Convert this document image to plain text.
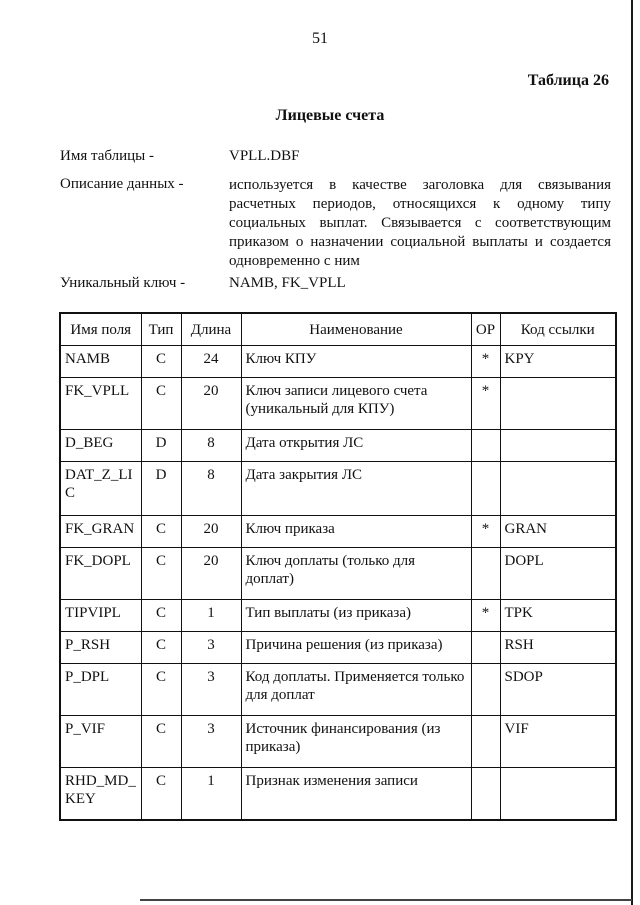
51
Таблица 26
Лицевые счета
Имя таблицы -	VPLL.DBF
Описание данных -	используется в качестве заголовка для связывания расчетных периодов, относящихся к одному типу социальных выплат. Связывается с соответствующим приказом о назначении социальной выплаты и создается одновременно с ним
Уникальный ключ -	NAMB, FK_VPLL
Имя поля	Тип	Длина	Наименование	ОР	Код ссылки
NAMB	C	24	Ключ КПУ	*	KPY
FK_VPLL	C	20	Ключ записи лицевого счета (уникальный для КПУ)	*	
D_BEG	D	8	Дата открытия ЛС		
DAT_Z_LIC	D	8	Дата закрытия ЛС		
FK_GRAN	C	20	Ключ приказа	*	GRAN
FK_DOPL	C	20	Ключ доплаты (только для доплат)		DOPL
TIPVIPL	C	1	Тип выплаты (из приказа)	*	TPK
P_RSH	C	3	Причина решения (из приказа)		RSH
P_DPL	C	3	Код доплаты. Применяется только для доплат		SDOP
P_VIF	C	3	Источник финансирования (из приказа)		VIF
RHD_MD_KEY	C	1	Признак изменения записи		
